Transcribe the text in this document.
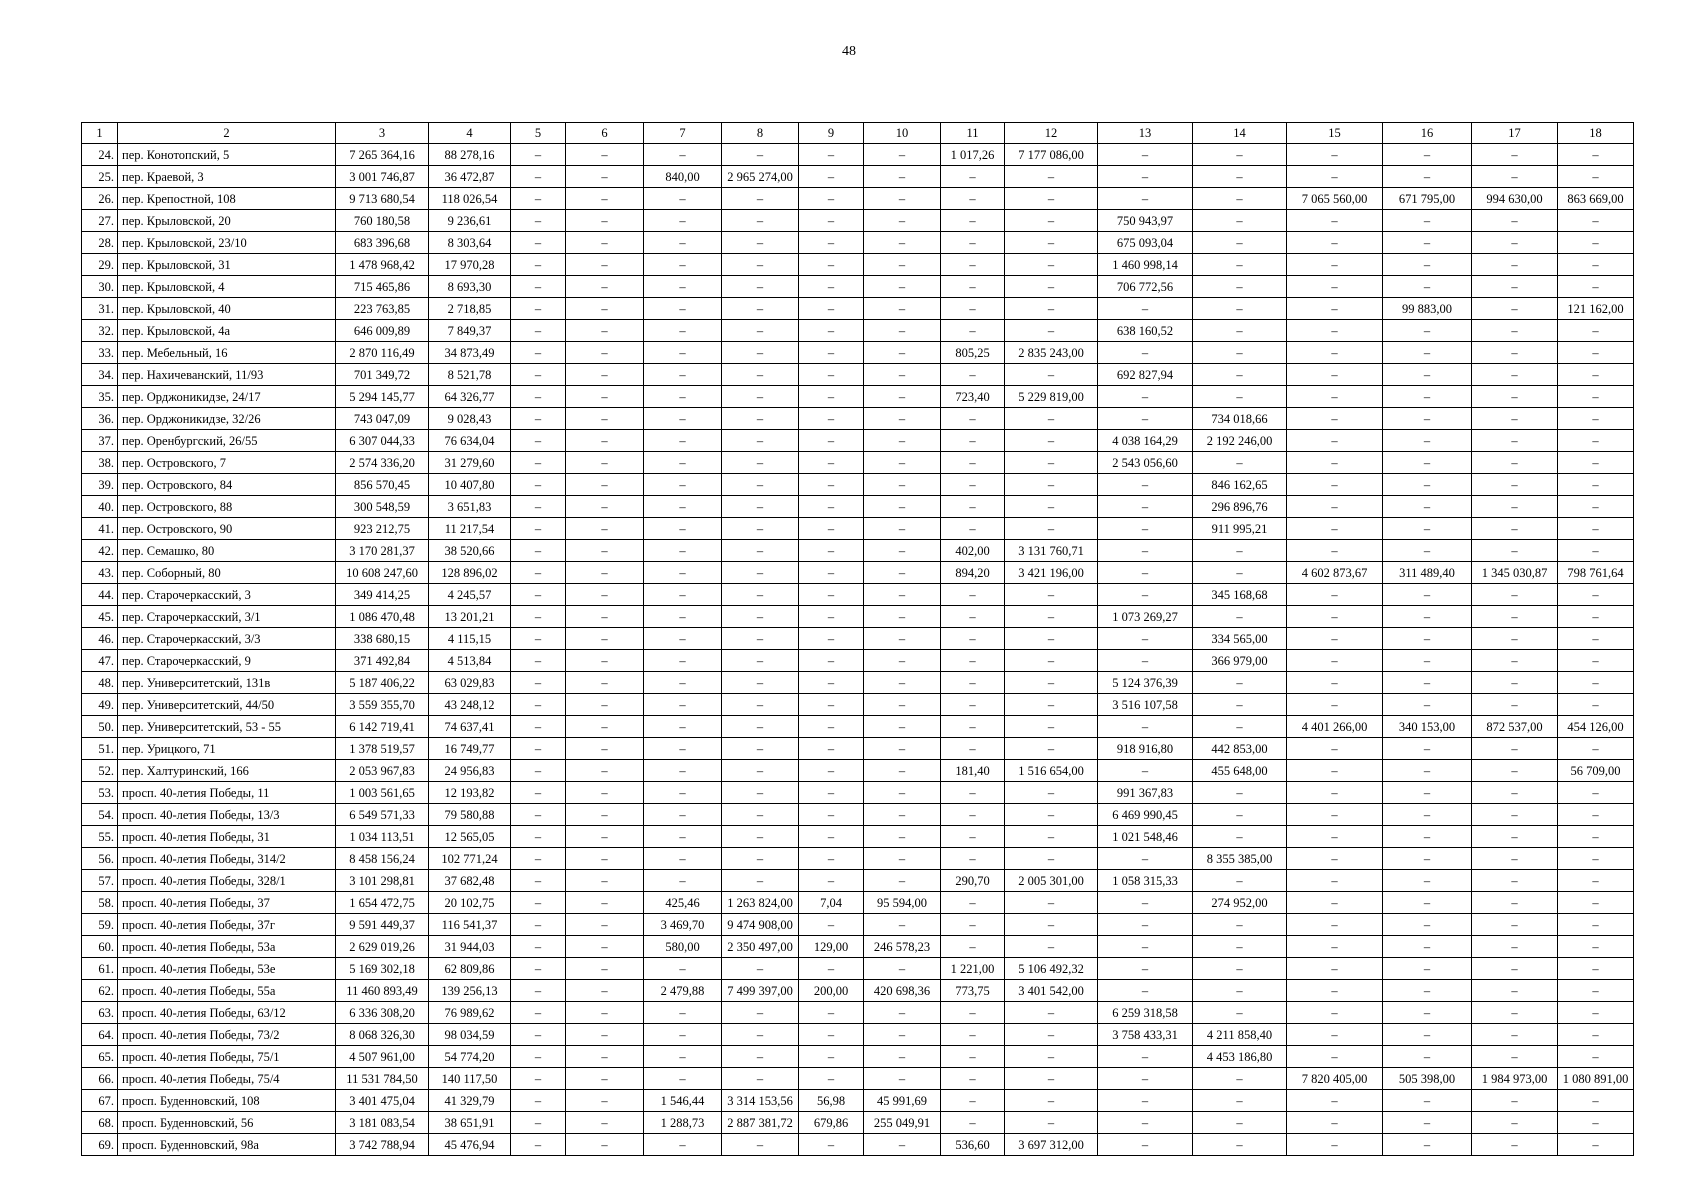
48
1	2	3	4	5	6	7	8	9	10	11	12	13	14	15	16	17	18
24.	пер. Конотопский, 5	7 265 364,16	88 278,16	–	–	–	–	–	–	1 017,26	7 177 086,00	–	–	–	–	–	–
25.	пер. Краевой, 3	3 001 746,87	36 472,87	–	–	840,00	2 965 274,00	–	–	–	–	–	–	–	–	–	–
26.	пер. Крепостной, 108	9 713 680,54	118 026,54	–	–	–	–	–	–	–	–	–	–	7 065 560,00	671 795,00	994 630,00	863 669,00
27.	пер. Крыловской, 20	760 180,58	9 236,61	–	–	–	–	–	–	–	–	750 943,97	–	–	–	–	–
28.	пер. Крыловской, 23/10	683 396,68	8 303,64	–	–	–	–	–	–	–	–	675 093,04	–	–	–	–	–
29.	пер. Крыловской, 31	1 478 968,42	17 970,28	–	–	–	–	–	–	–	–	1 460 998,14	–	–	–	–	–
30.	пер. Крыловской, 4	715 465,86	8 693,30	–	–	–	–	–	–	–	–	706 772,56	–	–	–	–	–
31.	пер. Крыловской, 40	223 763,85	2 718,85	–	–	–	–	–	–	–	–	–	–	–	99 883,00	–	121 162,00
32.	пер. Крыловской, 4а	646 009,89	7 849,37	–	–	–	–	–	–	–	–	638 160,52	–	–	–	–	–
33.	пер. Мебельный, 16	2 870 116,49	34 873,49	–	–	–	–	–	–	805,25	2 835 243,00	–	–	–	–	–	–
34.	пер. Нахичеванский, 11/93	701 349,72	8 521,78	–	–	–	–	–	–	–	–	692 827,94	–	–	–	–	–
35.	пер. Орджоникидзе, 24/17	5 294 145,77	64 326,77	–	–	–	–	–	–	723,40	5 229 819,00	–	–	–	–	–	–
36.	пер. Орджоникидзе, 32/26	743 047,09	9 028,43	–	–	–	–	–	–	–	–	–	734 018,66	–	–	–	–
37.	пер. Оренбургский, 26/55	6 307 044,33	76 634,04	–	–	–	–	–	–	–	–	4 038 164,29	2 192 246,00	–	–	–	–
38.	пер. Островского, 7	2 574 336,20	31 279,60	–	–	–	–	–	–	–	–	2 543 056,60	–	–	–	–	–
39.	пер. Островского, 84	856 570,45	10 407,80	–	–	–	–	–	–	–	–	–	846 162,65	–	–	–	–
40.	пер. Островского, 88	300 548,59	3 651,83	–	–	–	–	–	–	–	–	–	296 896,76	–	–	–	–
41.	пер. Островского, 90	923 212,75	11 217,54	–	–	–	–	–	–	–	–	–	911 995,21	–	–	–	–
42.	пер. Семашко, 80	3 170 281,37	38 520,66	–	–	–	–	–	–	402,00	3 131 760,71	–	–	–	–	–	–
43.	пер. Соборный, 80	10 608 247,60	128 896,02	–	–	–	–	–	–	894,20	3 421 196,00	–	–	4 602 873,67	311 489,40	1 345 030,87	798 761,64
44.	пер. Старочеркасский, 3	349 414,25	4 245,57	–	–	–	–	–	–	–	–	–	345 168,68	–	–	–	–
45.	пер. Старочеркасский, 3/1	1 086 470,48	13 201,21	–	–	–	–	–	–	–	–	1 073 269,27	–	–	–	–	–
46.	пер. Старочеркасский, 3/3	338 680,15	4 115,15	–	–	–	–	–	–	–	–	–	334 565,00	–	–	–	–
47.	пер. Старочеркасский, 9	371 492,84	4 513,84	–	–	–	–	–	–	–	–	–	366 979,00	–	–	–	–
48.	пер. Университетский, 131в	5 187 406,22	63 029,83	–	–	–	–	–	–	–	–	5 124 376,39	–	–	–	–	–
49.	пер. Университетский, 44/50	3 559 355,70	43 248,12	–	–	–	–	–	–	–	–	3 516 107,58	–	–	–	–	–
50.	пер. Университетский, 53 - 55	6 142 719,41	74 637,41	–	–	–	–	–	–	–	–	–	–	4 401 266,00	340 153,00	872 537,00	454 126,00
51.	пер. Урицкого, 71	1 378 519,57	16 749,77	–	–	–	–	–	–	–	–	918 916,80	442 853,00	–	–	–	–
52.	пер. Халтуринский, 166	2 053 967,83	24 956,83	–	–	–	–	–	–	181,40	1 516 654,00	–	455 648,00	–	–	–	56 709,00
53.	просп. 40-летия Победы, 11	1 003 561,65	12 193,82	–	–	–	–	–	–	–	–	991 367,83	–	–	–	–	–
54.	просп. 40-летия Победы, 13/3	6 549 571,33	79 580,88	–	–	–	–	–	–	–	–	6 469 990,45	–	–	–	–	–
55.	просп. 40-летия Победы, 31	1 034 113,51	12 565,05	–	–	–	–	–	–	–	–	1 021 548,46	–	–	–	–	–
56.	просп. 40-летия Победы, 314/2	8 458 156,24	102 771,24	–	–	–	–	–	–	–	–	–	8 355 385,00	–	–	–	–
57.	просп. 40-летия Победы, 328/1	3 101 298,81	37 682,48	–	–	–	–	–	–	290,70	2 005 301,00	1 058 315,33	–	–	–	–	–
58.	просп. 40-летия Победы, 37	1 654 472,75	20 102,75	–	–	425,46	1 263 824,00	7,04	95 594,00	–	–	–	274 952,00	–	–	–	–
59.	просп. 40-летия Победы, 37г	9 591 449,37	116 541,37	–	–	3 469,70	9 474 908,00	–	–	–	–	–	–	–	–	–	–
60.	просп. 40-летия Победы, 53а	2 629 019,26	31 944,03	–	–	580,00	2 350 497,00	129,00	246 578,23	–	–	–	–	–	–	–	–
61.	просп. 40-летия Победы, 53е	5 169 302,18	62 809,86	–	–	–	–	–	–	1 221,00	5 106 492,32	–	–	–	–	–	–
62.	просп. 40-летия Победы, 55а	11 460 893,49	139 256,13	–	–	2 479,88	7 499 397,00	200,00	420 698,36	773,75	3 401 542,00	–	–	–	–	–	–
63.	просп. 40-летия Победы, 63/12	6 336 308,20	76 989,62	–	–	–	–	–	–	–	–	6 259 318,58	–	–	–	–	–
64.	просп. 40-летия Победы, 73/2	8 068 326,30	98 034,59	–	–	–	–	–	–	–	–	3 758 433,31	4 211 858,40	–	–	–	–
65.	просп. 40-летия Победы, 75/1	4 507 961,00	54 774,20	–	–	–	–	–	–	–	–	–	4 453 186,80	–	–	–	–
66.	просп. 40-летия Победы, 75/4	11 531 784,50	140 117,50	–	–	–	–	–	–	–	–	–	–	7 820 405,00	505 398,00	1 984 973,00	1 080 891,00
67.	просп. Буденновский, 108	3 401 475,04	41 329,79	–	–	1 546,44	3 314 153,56	56,98	45 991,69	–	–	–	–	–	–	–	–
68.	просп. Буденновский, 56	3 181 083,54	38 651,91	–	–	1 288,73	2 887 381,72	679,86	255 049,91	–	–	–	–	–	–	–	–
69.	просп. Буденновский, 98а	3 742 788,94	45 476,94	–	–	–	–	–	–	536,60	3 697 312,00	–	–	–	–	–	–
